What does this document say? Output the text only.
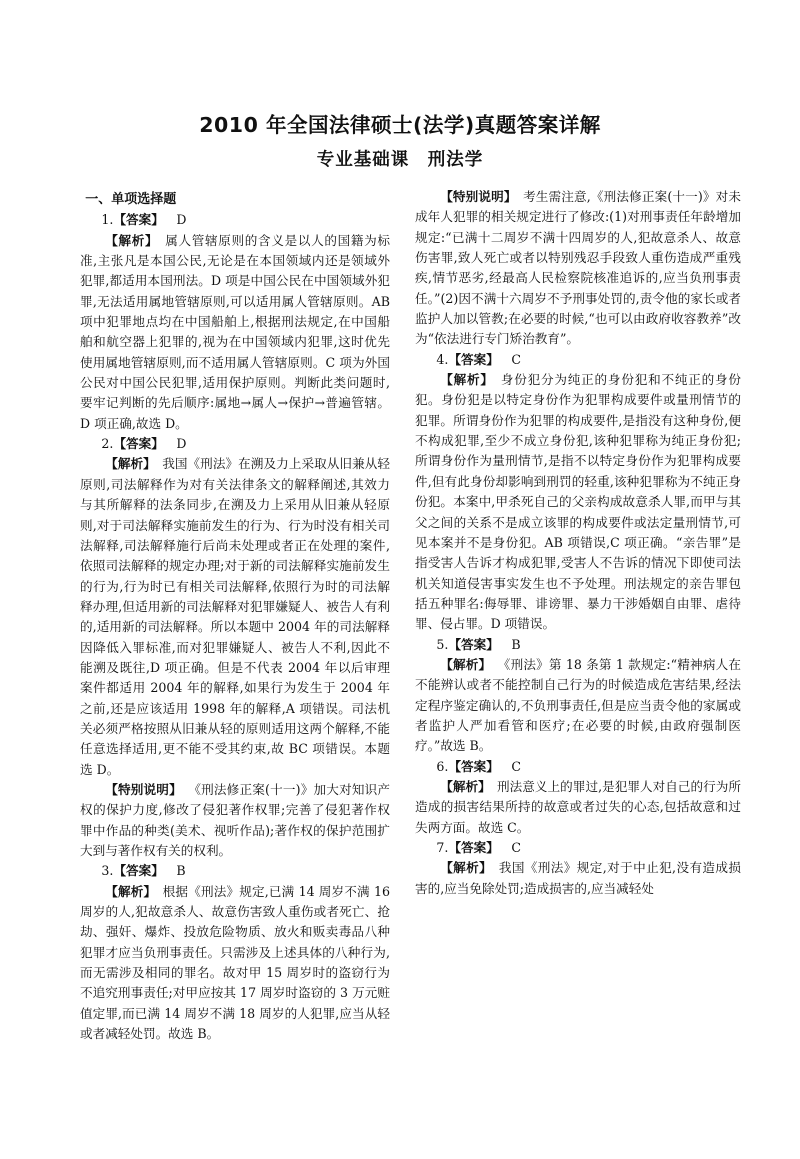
2010 年全国法律硕士(法学)真题答案详解
专业基础课　刑法学
一、单项选择题
1.【答案】  D

【解析】  属人管辖原则的含义是以人的国籍为标准,主张凡是本国公民,无论是在本国领域内还是领域外犯罪,都适用本国刑法。D 项是中国公民在中国领域外犯罪,无法适用属地管辖原则,可以适用属人管辖原则。AB 项中犯罪地点均在中国船舶上,根据刑法规定,在中国船舶和航空器上犯罪的,视为在中国领域内犯罪,这时优先使用属地管辖原则,而不适用属人管辖原则。C 项为外国公民对中国公民犯罪,适用保护原则。判断此类问题时,要牢记判断的先后顺序:属地→属人→保护→普遍管辖。D 项正确,故选 D。

2.【答案】  D

【解析】  我国《刑法》在溯及力上采取从旧兼从轻原则,司法解释作为对有关法律条文的解释阐述,其效力与其所解释的法条同步,在溯及力上采用从旧兼从轻原则,对于司法解释实施前发生的行为、行为时没有相关司法解释,司法解释施行后尚未处理或者正在处理的案件,依照司法解释的规定办理;对于新的司法解释实施前发生的行为,行为时已有相关司法解释,依照行为时的司法解释办理,但适用新的司法解释对犯罪嫌疑人、被告人有利的,适用新的司法解释。所以本题中 2004 年的司法解释因降低入罪标准,而对犯罪嫌疑人、被告人不利,因此不能溯及既往,D 项正确。但是不代表 2004 年以后审理案件都适用 2004 年的解释,如果行为发生于 2004 年之前,还是应该适用 1998 年的解释,A 项错误。司法机关必须严格按照从旧兼从轻的原则适用这两个解释,不能任意选择适用,更不能不受其约束,故 BC 项错误。本题选 D。

【特别说明】  《刑法修正案(十一)》加大对知识产权的保护力度,修改了侵犯著作权罪;完善了侵犯著作权罪中作品的种类(美术、视听作品);著作权的保护范围扩大到与著作权有关的权利。

3.【答案】  B

【解析】  根据《刑法》规定,已满 14 周岁不满 16 周岁的人,犯故意杀人、故意伤害致人重伤或者死亡、抢劫、强奸、爆炸、投放危险物质、放火和贩卖毒品八种犯罪才应当负刑事责任。只需涉及上述具体的八种行为,而无需涉及相同的罪名。故对甲 15 周岁时的盗窃行为不追究刑事责任;对甲应按其 17 周岁时盗窃的 3 万元赃值定罪,而已满 14 周岁不满 18 周岁的人犯罪,应当从轻或者减轻处罚。故选 B。

【特别说明】  考生需注意,《刑法修正案(十一)》对未成年人犯罪的相关规定进行了修改:(1)对刑事责任年龄增加规定:“已满十二周岁不满十四周岁的人,犯故意杀人、故意伤害罪,致人死亡或者以特别残忍手段致人重伤造成严重残疾,情节恶劣,经最高人民检察院核准追诉的,应当负刑事责任。”(2)因不满十六周岁不予刑事处罚的,责令他的家长或者监护人加以管教;在必要的时候,“也可以由政府收容教养”改为“依法进行专门矫治教育”。

4.【答案】  C

【解析】  身份犯分为纯正的身份犯和不纯正的身份犯。身份犯是以特定身份作为犯罪构成要件或量刑情节的犯罪。所谓身份作为犯罪的构成要件,是指没有这种身份,便不构成犯罪,至少不成立身份犯,该种犯罪称为纯正身份犯;所谓身份作为量刑情节,是指不以特定身份作为犯罪构成要件,但有此身份却影响到刑罚的轻重,该种犯罪称为不纯正身份犯。本案中,甲杀死自己的父亲构成故意杀人罪,而甲与其父之间的关系不是成立该罪的构成要件或法定量刑情节,可见本案并不是身份犯。AB 项错误,C 项正确。“亲告罪”是指受害人告诉才构成犯罪,受害人不告诉的情况下即使司法机关知道侵害事实发生也不予处理。刑法规定的亲告罪包括五种罪名:侮辱罪、诽谤罪、暴力干涉婚姻自由罪、虐待罪、侵占罪。D 项错误。

5.【答案】  B

【解析】  《刑法》第 18 条第 1 款规定:“精神病人在不能辨认或者不能控制自己行为的时候造成危害结果,经法定程序鉴定确认的,不负刑事责任,但是应当责令他的家属或者监护人严加看管和医疗;在必要的时候,由政府强制医疗。”故选 B。

6.【答案】  C

【解析】  刑法意义上的罪过,是犯罪人对自己的行为所造成的损害结果所持的故意或者过失的心态,包括故意和过失两方面。故选 C。

7.【答案】  C

【解析】  我国《刑法》规定,对于中止犯,没有造成损害的,应当免除处罚;造成损害的,应当减轻处
